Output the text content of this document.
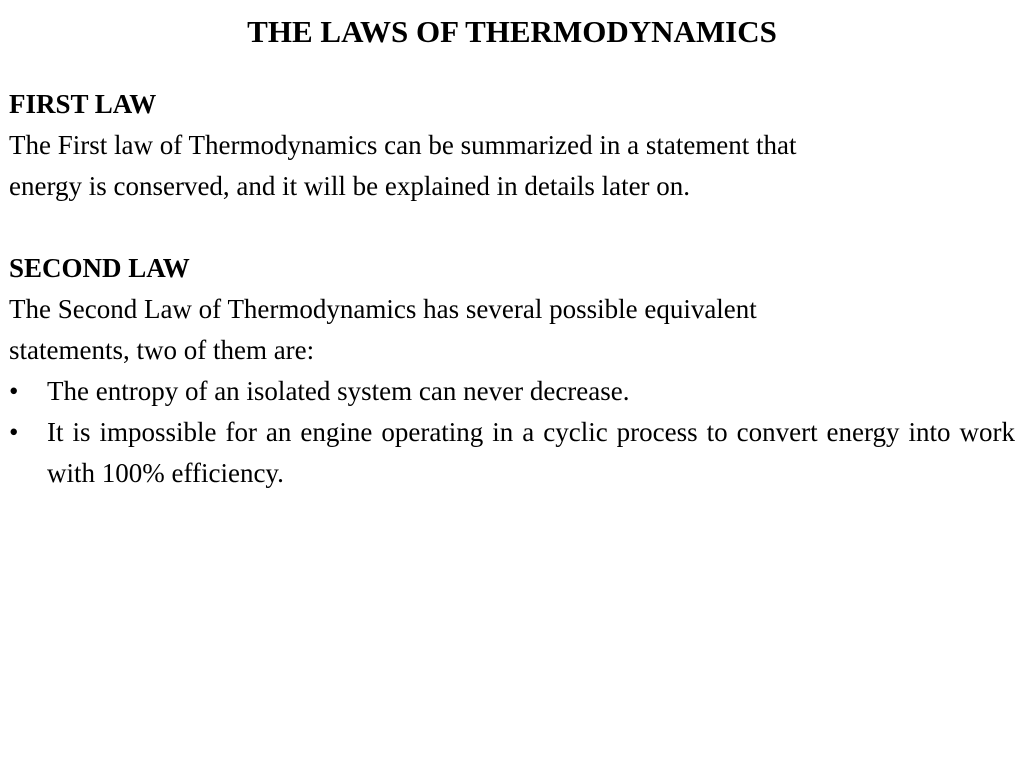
THE LAWS OF THERMODYNAMICS
FIRST LAW
The First law of Thermodynamics can be summarized in a statement that
energy is conserved, and it will be explained in details later on.
SECOND LAW
The Second Law of Thermodynamics has several possible equivalent
statements, two of them are:
•	The entropy of an isolated system can never decrease.
•	It is impossible for an engine operating in a cyclic process to convert energy into work with 100% efficiency.
